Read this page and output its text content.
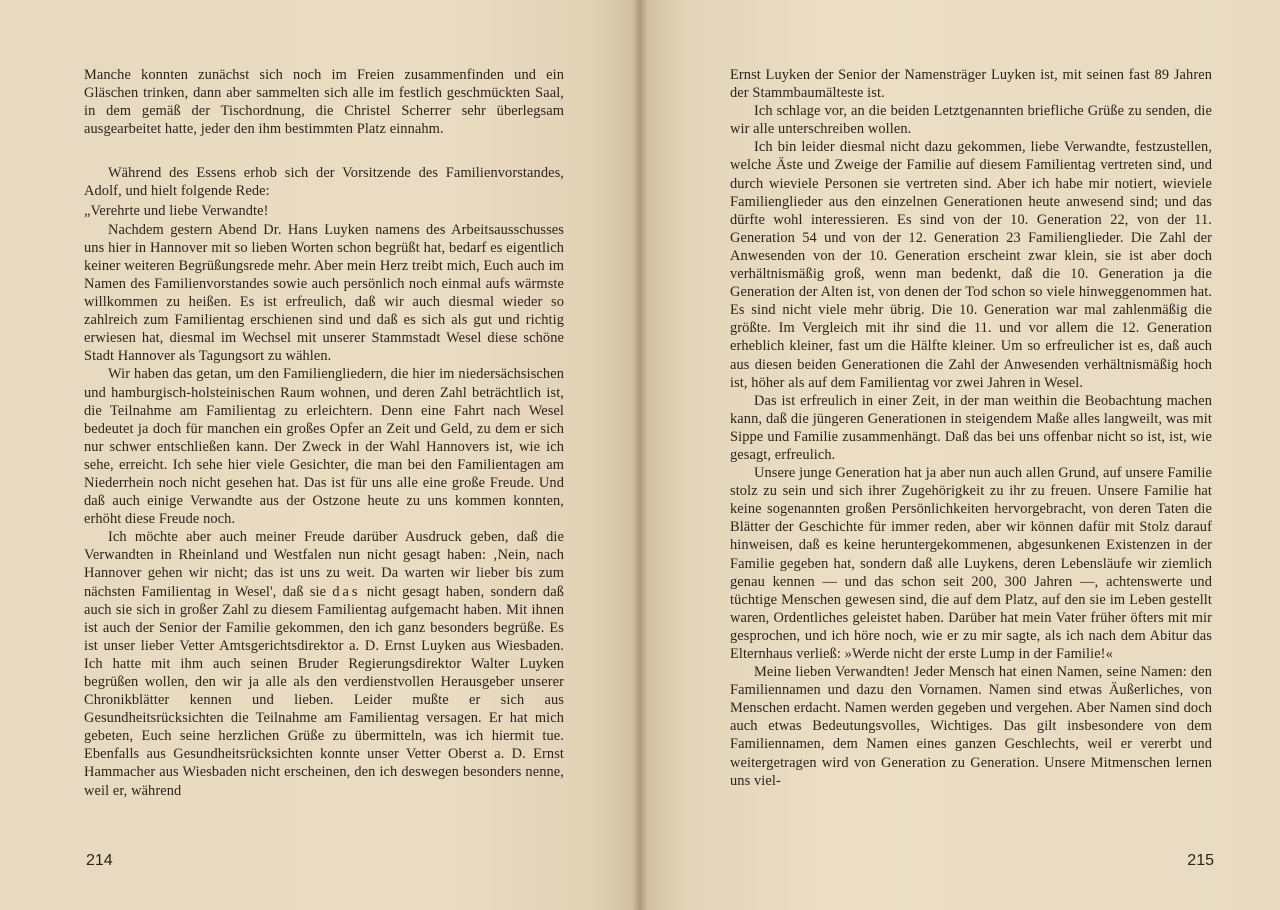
Manche konnten zunächst sich noch im Freien zusammenfinden und ein Gläschen trinken, dann aber sammelten sich alle im festlich geschmückten Saal, in dem gemäß der Tischordnung, die Christel Scherrer sehr überlegsam ausgearbeitet hatte, jeder den ihm bestimmten Platz einnahm.

Während des Essens erhob sich der Vorsitzende des Familienvorstandes, Adolf, und hielt folgende Rede:

„Verehrte und liebe Verwandte!

Nachdem gestern Abend Dr. Hans Luyken namens des Arbeitsausschusses uns hier in Hannover mit so lieben Worten schon begrüßt hat, bedarf es eigentlich keiner weiteren Begrüßungsrede mehr. Aber mein Herz treibt mich, Euch auch im Namen des Familienvorstandes sowie auch persönlich noch einmal aufs wärmste willkommen zu heißen. Es ist erfreulich, daß wir auch diesmal wieder so zahlreich zum Familientag erschienen sind und daß es sich als gut und richtig erwiesen hat, diesmal im Wechsel mit unserer Stammstadt Wesel diese schöne Stadt Hannover als Tagungsort zu wählen.

Wir haben das getan, um den Familiengliedern, die hier im niedersächsischen und hamburgisch-holsteinischen Raum wohnen, und deren Zahl beträchtlich ist, die Teilnahme am Familientag zu erleichtern. Denn eine Fahrt nach Wesel bedeutet ja doch für manchen ein großes Opfer an Zeit und Geld, zu dem er sich nur schwer entschließen kann. Der Zweck in der Wahl Hannovers ist, wie ich sehe, erreicht. Ich sehe hier viele Gesichter, die man bei den Familientagen am Niederrhein noch nicht gesehen hat. Das ist für uns alle eine große Freude. Und daß auch einige Verwandte aus der Ostzone heute zu uns kommen konnten, erhöht diese Freude noch.

Ich möchte aber auch meiner Freude darüber Ausdruck geben, daß die Verwandten in Rheinland und Westfalen nun nicht gesagt haben: ‚Nein, nach Hannover gehen wir nicht; das ist uns zu weit. Da warten wir lieber bis zum nächsten Familientag in Wesel', daß sie das nicht gesagt haben, sondern daß auch sie sich in großer Zahl zu diesem Familientag aufgemacht haben. Mit ihnen ist auch der Senior der Familie gekommen, den ich ganz besonders begrüße. Es ist unser lieber Vetter Amtsgerichtsdirektor a. D. Ernst Luyken aus Wiesbaden. Ich hatte mit ihm auch seinen Bruder Regierungsdirektor Walter Luyken begrüßen wollen, den wir ja alle als den verdienstvollen Herausgeber unserer Chronikblätter kennen und lieben. Leider mußte er sich aus Gesundheitsrücksichten die Teilnahme am Familientag versagen. Er hat mich gebeten, Euch seine herzlichen Grüße zu übermitteln, was ich hiermit tue. Ebenfalls aus Gesundheitsrücksichten konnte unser Vetter Oberst a. D. Ernst Hammacher aus Wiesbaden nicht erscheinen, den ich deswegen besonders nenne, weil er, während

214

Ernst Luyken der Senior der Namensträger Luyken ist, mit seinen fast 89 Jahren der Stammbaumälteste ist.

Ich schlage vor, an die beiden Letztgenannten briefliche Grüße zu senden, die wir alle unterschreiben wollen.

Ich bin leider diesmal nicht dazu gekommen, liebe Verwandte, festzustellen, welche Äste und Zweige der Familie auf diesem Familientag vertreten sind, und durch wieviele Personen sie vertreten sind. Aber ich habe mir notiert, wieviele Familienglieder aus den einzelnen Generationen heute anwesend sind; und das dürfte wohl interessieren. Es sind von der 10. Generation 22, von der 11. Generation 54 und von der 12. Generation 23 Familienglieder. Die Zahl der Anwesenden von der 10. Generation erscheint zwar klein, sie ist aber doch verhältnismäßig groß, wenn man bedenkt, daß die 10. Generation ja die Generation der Alten ist, von denen der Tod schon so viele hinweggenommen hat. Es sind nicht viele mehr übrig. Die 10. Generation war mal zahlenmäßig die größte. Im Vergleich mit ihr sind die 11. und vor allem die 12. Generation erheblich kleiner, fast um die Hälfte kleiner. Um so erfreulicher ist es, daß auch aus diesen beiden Generationen die Zahl der Anwesenden verhältnismäßig hoch ist, höher als auf dem Familientag vor zwei Jahren in Wesel.

Das ist erfreulich in einer Zeit, in der man weithin die Beobachtung machen kann, daß die jüngeren Generationen in steigendem Maße alles langweilt, was mit Sippe und Familie zusammenhängt. Daß das bei uns offenbar nicht so ist, ist, wie gesagt, erfreulich.

Unsere junge Generation hat ja aber nun auch allen Grund, auf unsere Familie stolz zu sein und sich ihrer Zugehörigkeit zu ihr zu freuen. Unsere Familie hat keine sogenannten großen Persönlichkeiten hervorgebracht, von deren Taten die Blätter der Geschichte für immer reden, aber wir können dafür mit Stolz darauf hinweisen, daß es keine heruntergekommenen, abgesunkenen Existenzen in der Familie gegeben hat, sondern daß alle Luykens, deren Lebensläufe wir ziemlich genau kennen — und das schon seit 200, 300 Jahren —, achtenswerte und tüchtige Menschen gewesen sind, die auf dem Platz, auf den sie im Leben gestellt waren, Ordentliches geleistet haben. Darüber hat mein Vater früher öfters mit mir gesprochen, und ich höre noch, wie er zu mir sagte, als ich nach dem Abitur das Elternhaus verließ: »Werde nicht der erste Lump in der Familie!«

Meine lieben Verwandten! Jeder Mensch hat einen Namen, seine Namen: den Familiennamen und dazu den Vornamen. Namen sind etwas Äußerliches, von Menschen erdacht. Namen werden gegeben und vergehen. Aber Namen sind doch auch etwas Bedeutungsvolles, Wichtiges. Das gilt insbesondere von dem Familiennamen, dem Namen eines ganzen Geschlechts, weil er vererbt und weitergetragen wird von Generation zu Generation. Unsere Mitmenschen lernen uns viel-

215
